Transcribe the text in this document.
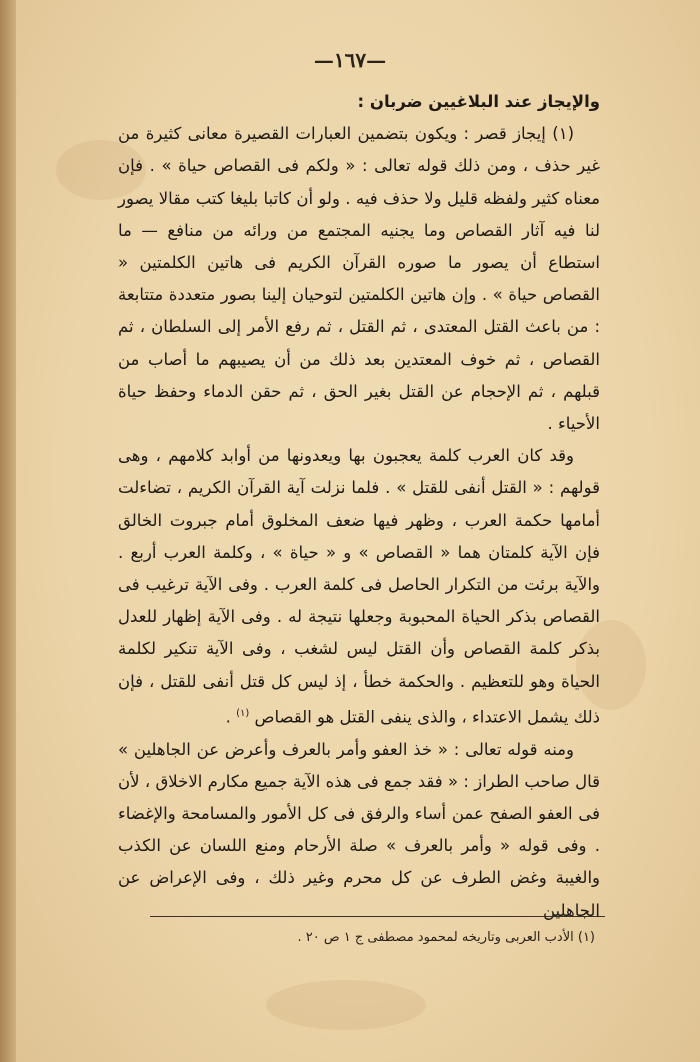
—١٦٧—

والإيجاز عند البلاغيين ضربان :

(١) إيجاز قصر : ويكون بتضمين العبارات القصيرة معانى كثيرة من غير حذف ، ومن ذلك قوله تعالى : « ولكم فى القصاص حياة » . فإن معناه كثير ولفظه قليل ولا حذف فيه . ولو أن كاتبا بليغا كتب مقالا يصور لنا فيه آثار القصاص وما يجنيه المجتمع من ورائه من منافع — ما استطاع أن يصور ما صوره القرآن الكريم فى هاتين الكلمتين « القصاص حياة » . وإن هاتين الكلمتين لتوحيان إلينا بصور متعددة متتابعة : من باعث القتل المعتدى ، ثم القتل ، ثم رفع الأمر إلى السلطان ، ثم القصاص ، ثم خوف المعتدين بعد ذلك من أن يصيبهم ما أصاب من قبلهم ، ثم الإحجام عن القتل بغير الحق ، ثم حقن الدماء وحفظ حياة الأحياء .

وقد كان العرب كلمة يعجبون بها ويعدونها من أوابد كلامهم ، وهى قولهم : « القتل أنفى للقتل » . فلما نزلت آية القرآن الكريم ، تضاءلت أمامها حكمة العرب ، وظهر فيها ضعف المخلوق أمام جبروت الخالق فإن الآية كلمتان هما « القصاص » و « حياة » ، وكلمة العرب أربع . والآية برئت من التكرار الحاصل فى كلمة العرب . وفى الآية ترغيب فى القصاص بذكر الحياة المحبوبة وجعلها نتيجة له . وفى الآية إظهار للعدل بذكر كلمة القصاص وأن القتل ليس لشغب ، وفى الآية تنكير لكلمة الحياة وهو للتعظيم . والحكمة خطأ ، إذ ليس كل قتل أنفى للقتل ، فإن ذلك يشمل الاعتداء ، والذى ينفى القتل هو القصاص $^{(١)}$ .

ومنه قوله تعالى : « خذ العفو وأمر بالعرف وأعرض عن الجاهلين » قال صاحب الطراز : « فقد جمع فى هذه الآية جميع مكارم الاخلاق ، لأن فى العفو الصفح عمن أساء والرفق فى كل الأمور والمسامحة والإغضاء . وفى قوله « وأمر بالعرف » صلة الأرحام ومنع اللسان عن الكذب والغيبة وغض الطرف عن كل محرم وغير ذلك ، وفى الإعراض عن الجاهلين

(١) الأدب العربى وتاريخه لمحمود مصطفى ج ١ ص ٢٠ .
